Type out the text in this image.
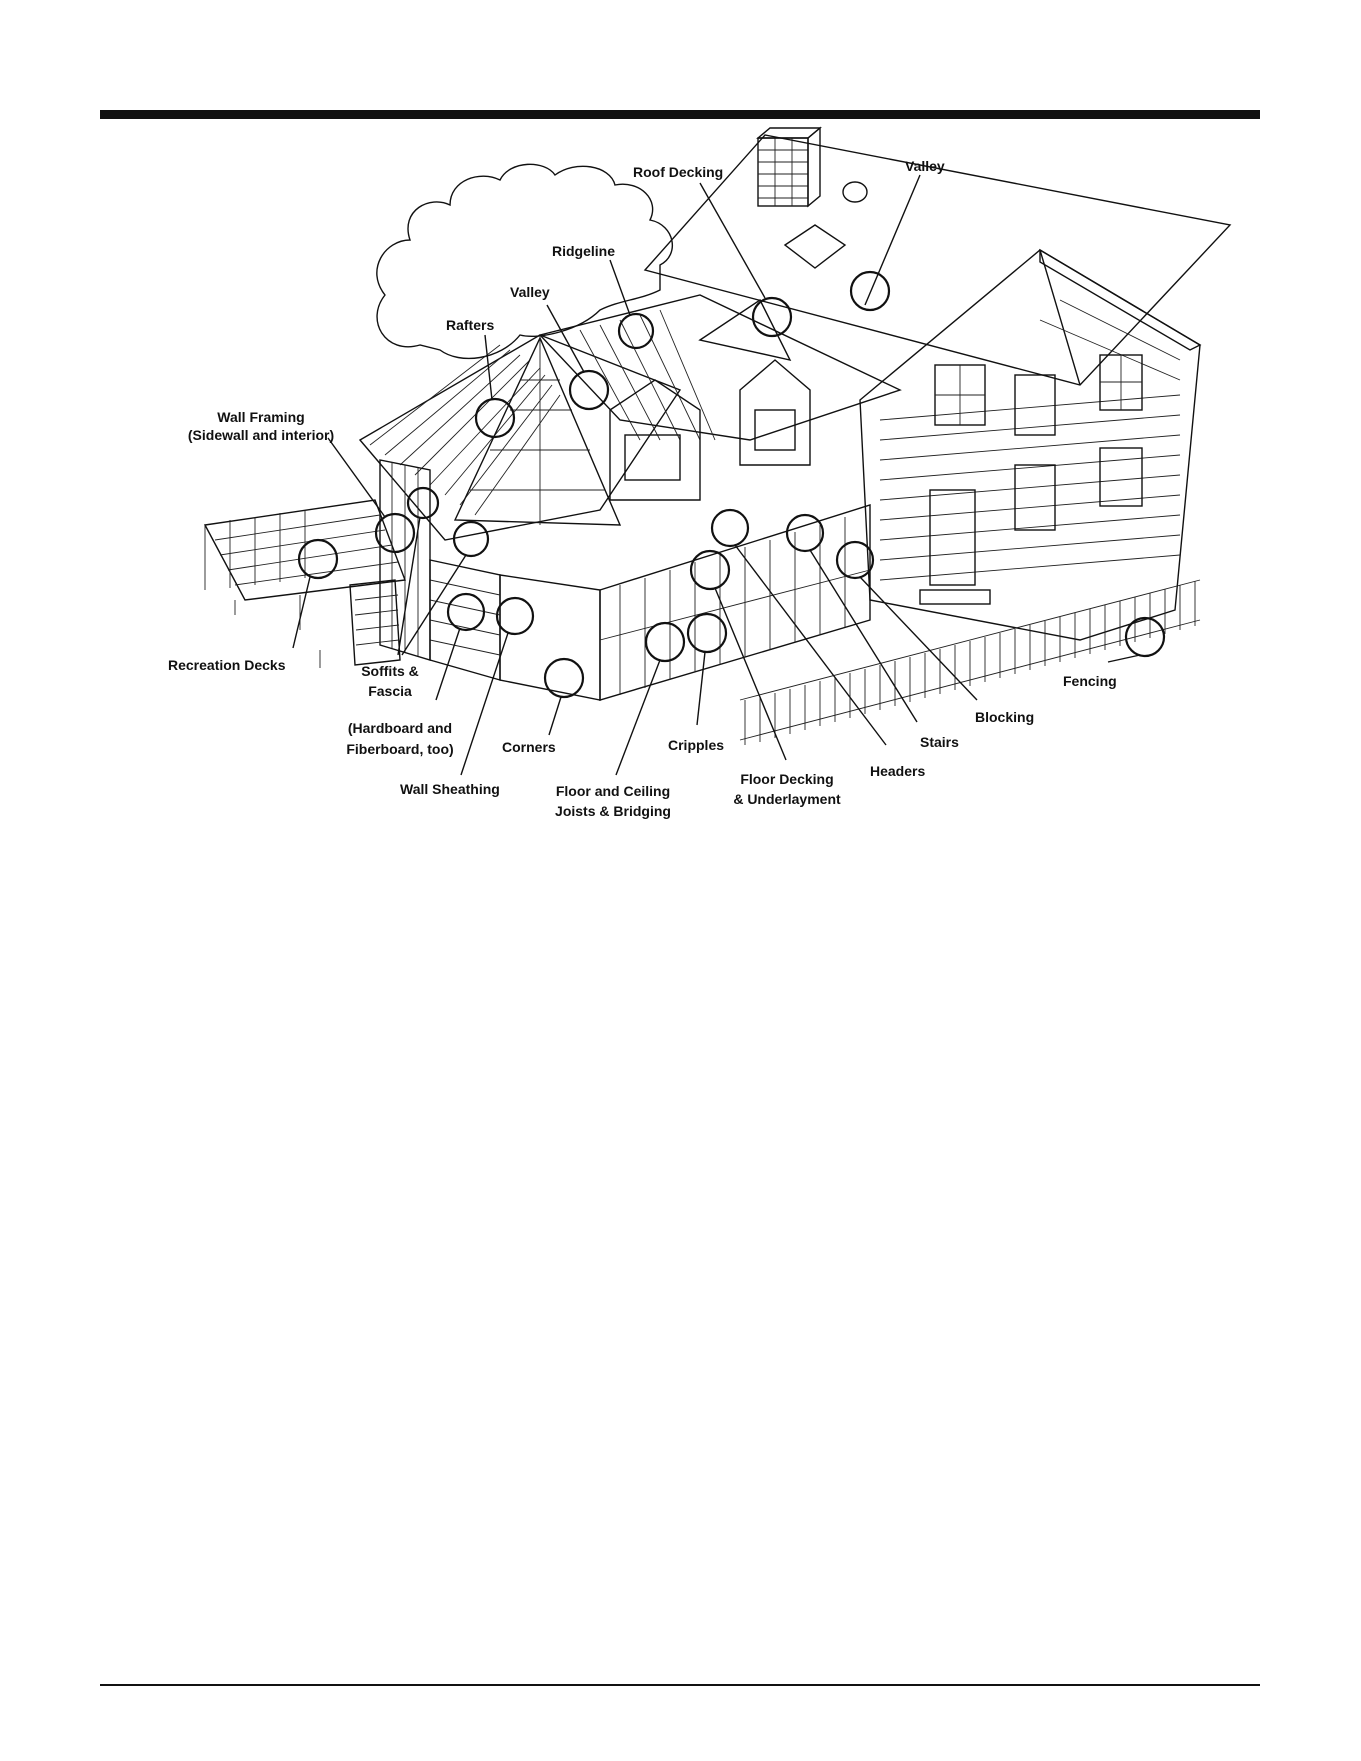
Roof Decking	Valley
Ridgeline
Valley
Rafters
Wall Framing
(Sidewall and interior)
Recreation Decks	Soffits &
Fascia
(Hardboard and
Fiberboard, too)
Wall Sheathing
Corners
Floor and Ceiling
Joists & Bridging
Cripples
Floor Decking
& Underlayment
Headers
Stairs
Blocking
Fencing
